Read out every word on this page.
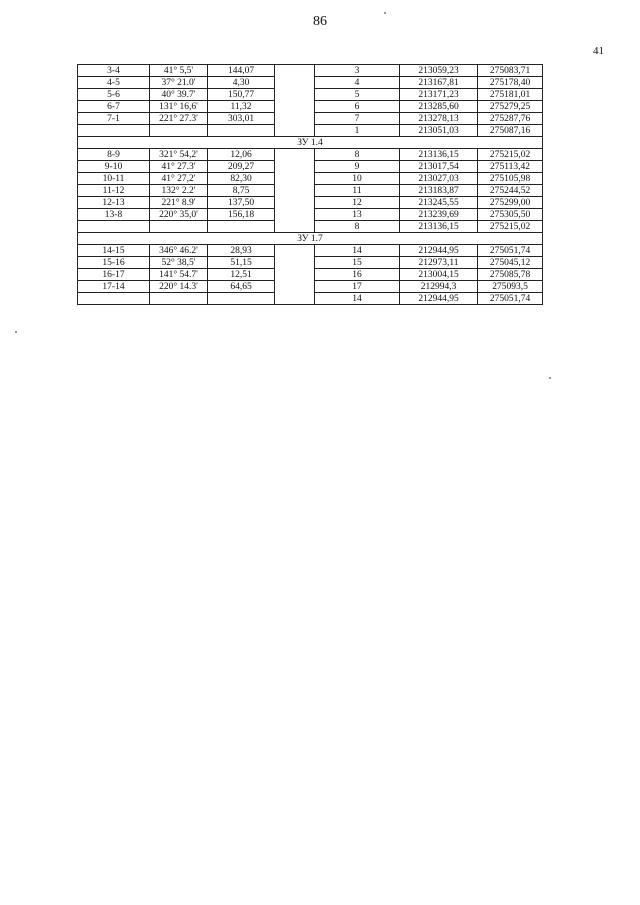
86
41
3-4	41° 5,5'	144,07		3	213059,23	275083,71
4-5	37° 21.0'	4,30		4	213167,81	275178,40
5-6	40° 39.7'	150,77		5	213171,23	275181,01
6-7	131° 16,6'	11,32		6	213285,60	275279,25
7-1	221° 27.3'	303,01		7	213278,13	275287,76
				1	213051,03	275087,16
ЗУ 1.4						
8-9	321° 54,2'	12,06		8	213136,15	275215,02
9-10	41° 27.3'	209,27		9	213017,54	275113,42
10-11	41° 27,2'	82,30		10	213027,03	275105,98
11-12	132° 2.2'	8,75		11	213183,87	275244,52
12-13	221° 8.9'	137,50		12	213245,55	275299,00
13-8	220° 35,0'	156,18		13	213239,69	275305,50
				8	213136,15	275215,02
ЗУ 1.7						
14-15	346° 46.2'	28,93		14	212944,95	275051,74
15-16	52° 38,5'	51,15		15	212973,11	275045,12
16-17	141° 54.7'	12,51		16	213004,15	275085,78
17-14	220° 14.3'	64,65		17	212994,3	275093,5
				14	212944,95	275051,74
